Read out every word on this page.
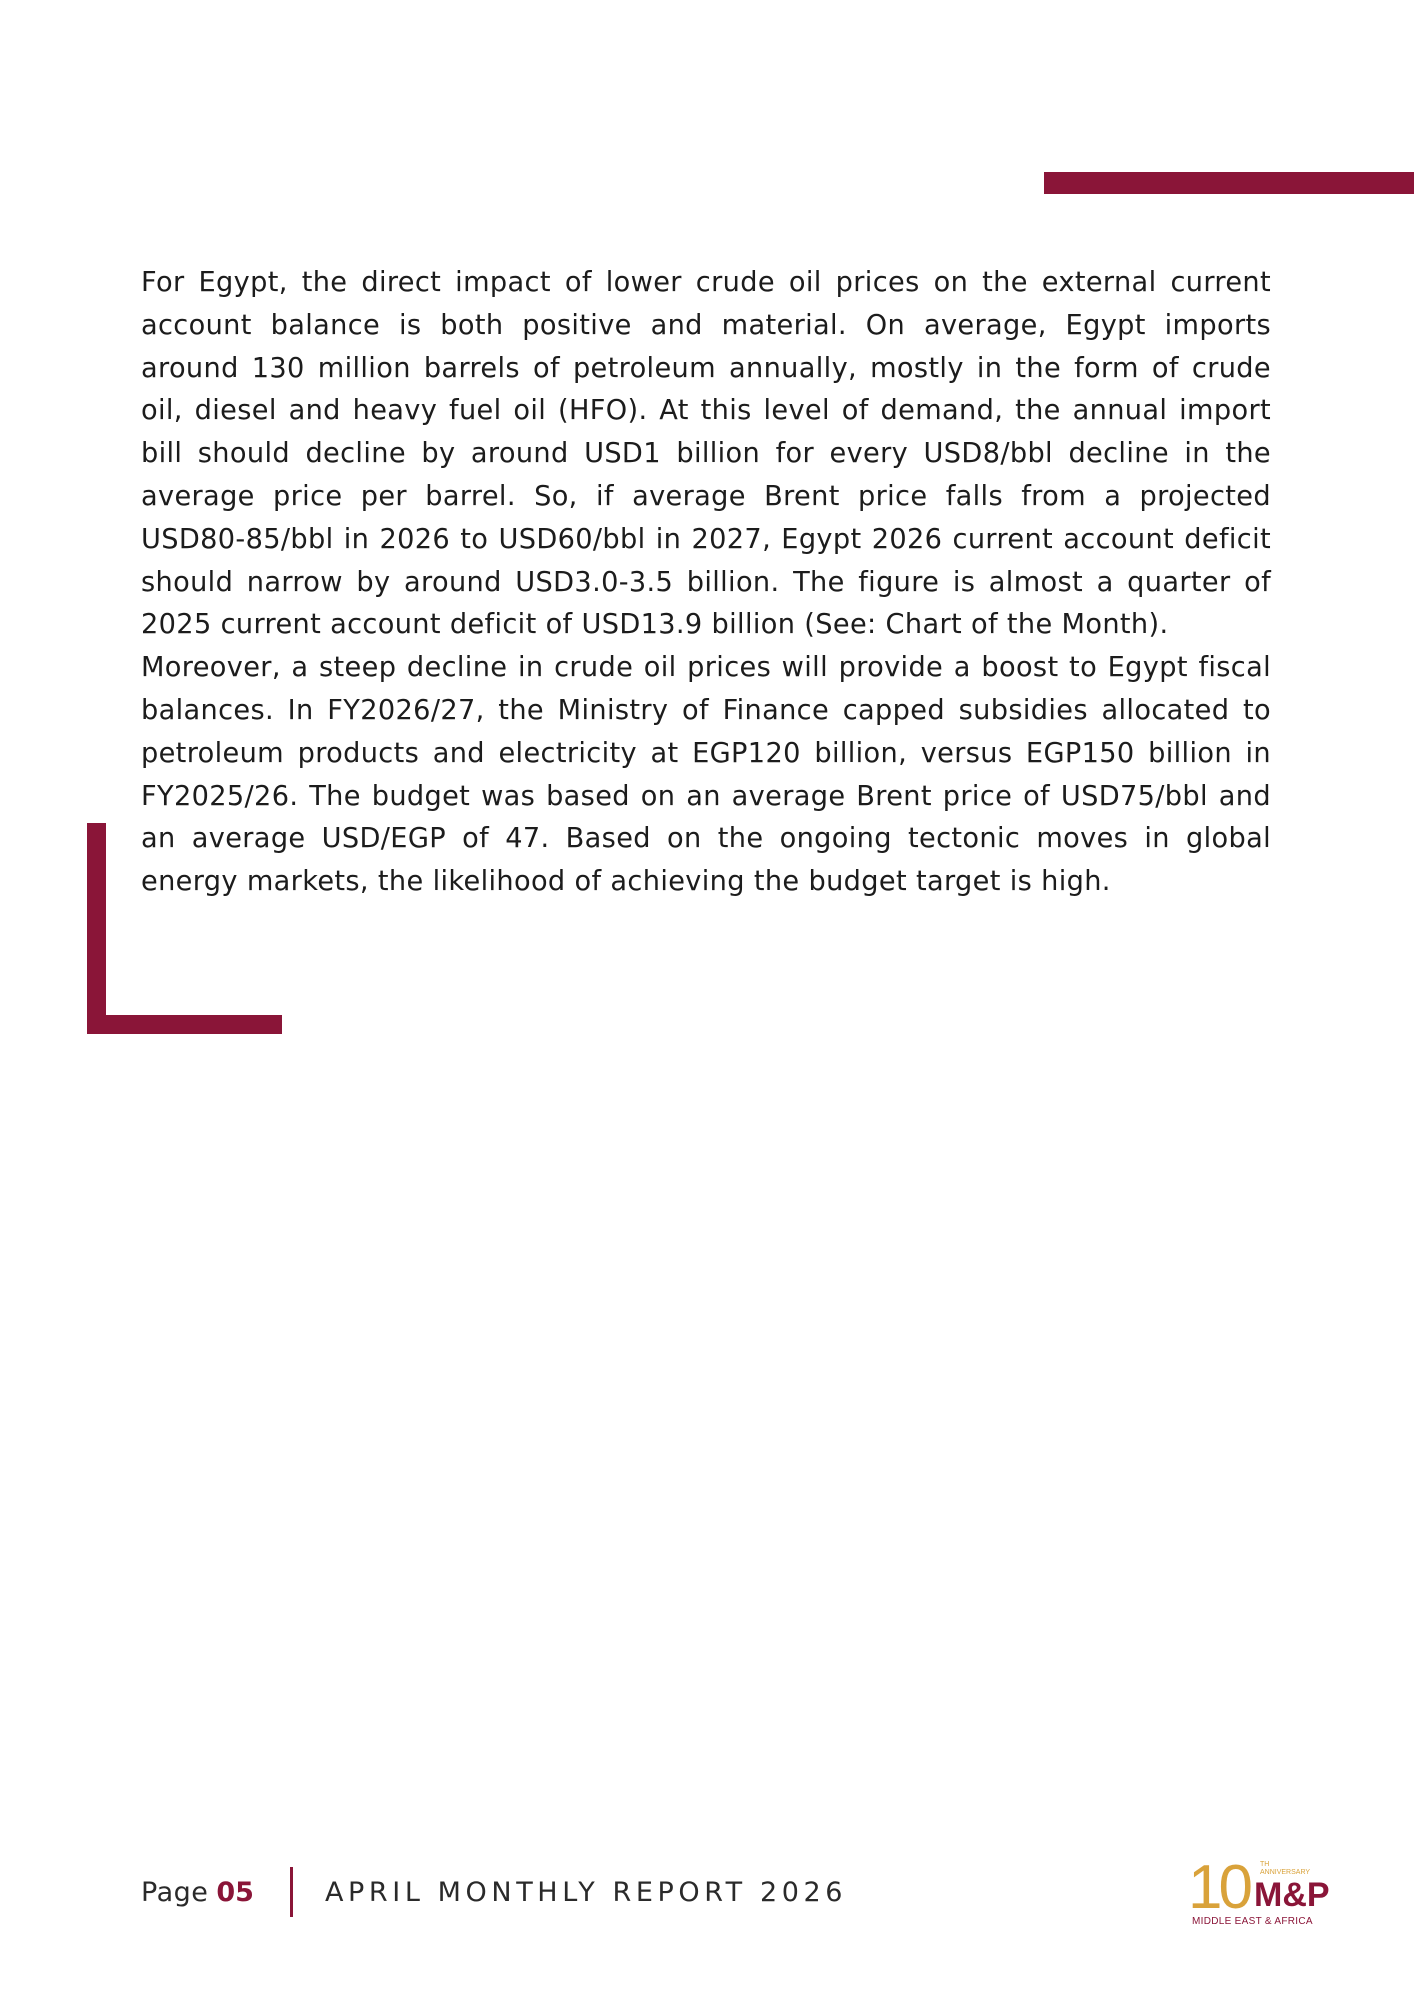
For Egypt, the direct impact of lower crude oil prices on the external current account balance is both positive and material. On average, Egypt imports around 130 million barrels of petroleum annually, mostly in the form of crude oil, diesel and heavy fuel oil (HFO). At this level of demand, the annual import bill should decline by around USD1 billion for every USD8/bbl decline in the average price per barrel. So, if average Brent price falls from a projected USD80-85/bbl in 2026 to USD60/bbl in 2027, Egypt 2026 current account deficit should narrow by around USD3.0-3.5 billion. The figure is almost a quarter of 2025 current account deficit of USD13.9 billion (See: Chart of the Month).

Moreover, a steep decline in crude oil prices will provide a boost to Egypt fiscal balances. In FY2026/27, the Ministry of Finance capped subsidies allocated to petroleum products and electricity at EGP120 billion, versus EGP150 billion in FY2025/26. The budget was based on an average Brent price of USD75/bbl and an average USD/EGP of 47. Based on the ongoing tectonic moves in global energy markets, the likelihood of achieving the budget target is high.

Page 05	APRIL MONTHLY REPORT 2026	10	TH
ANNIVERSARY
M&P
MIDDLE EAST & AFRICA
